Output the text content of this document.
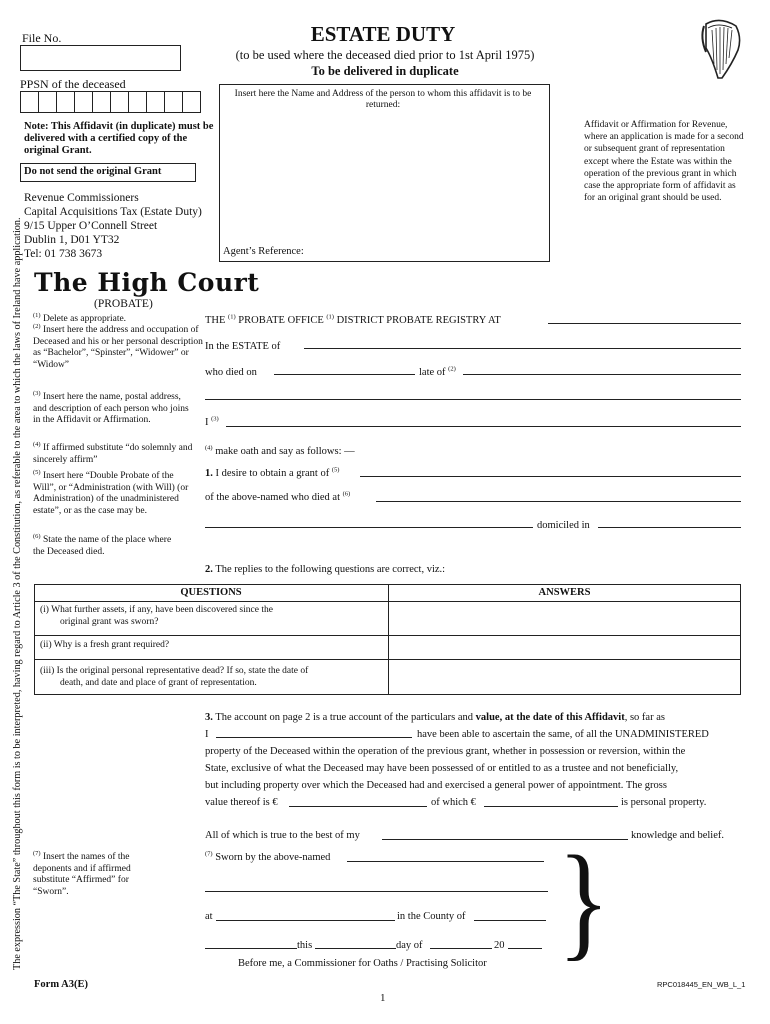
File No.
PPSN of the deceased
ESTATE DUTY
(to be used where the deceased died prior to 1st April 1975)
To be delivered in duplicate
Note: This Affidavit (in duplicate) must be delivered with a certified copy of the original Grant.
Do not send the original Grant
Insert here the Name and Address of the person to whom this affidavit is to be returned:
Agent’s Reference:
Affidavit or Affirmation for Revenue, where an application is made for a second or subsequent grant of representation except where the Estate was within the operation of the previous grant in which case the appropriate form of affidavit as for an original grant should be used.
Revenue Commissioners
Capital Acquisitions Tax (Estate Duty)
9/15 Upper O’Connell Street
Dublin 1, D01 YT32
Tel: 01 738 3673
The expression “The State” throughout this form is to be interpreted, having regard to Article 3 of the Constitution, as referable to the area to which the laws of Ireland have application. The High Court
(PROBATE)
$^{(1)}$ Delete as appropriate.
$^{(2)}$ Insert here the address and occupation of Deceased and his or her personal description as “Bachelor”, “Spinster”, “Widower” or “Widow”
$^{(3)}$ Insert here the name, postal address, and description of each person who joins in the Affidavit or Affirmation.
$^{(4)}$ If affirmed substitute “do solemnly and sincerely affirm”
$^{(5)}$ Insert here “Double Probate of the Will”, or “Administration (with Will) (or Administration) of the unadministered estate”, or as the case may be.
$^{(6)}$ State the name of the place where the Deceased died.
$^{(7)}$ Insert the names of the deponents and if affirmed substitute “Affirmed” for “Sworn”.
THE $^{(1)}$ PROBATE OFFICE $^{(1)}$ DISTRICT PROBATE REGISTRY AT
In the ESTATE of
who died on	late of $^{(2)}$
I $^{(3)}$
$^{(4)}$ make oath and say as follows: —
1. I desire to obtain a grant of $^{(5)}$
of the above-named who died at $^{(6)}$
domiciled in
2. The replies to the following questions are correct, viz.:
QUESTIONS	ANSWERS
(i) What further assets, if any, have been discovered since the
original grant was sworn?
(ii) Why is a fresh grant required?
(iii) Is the original personal representative dead? If so, state the date of
death, and date and place of grant of representation.
3. The account on page 2 is a true account of the particulars and value, at the date of this Affidavit, so far as
I	have been able to ascertain the same, of all the UNADMINISTERED
property of the Deceased within the operation of the previous grant, whether in possession or reversion, within the
State, exclusive of what the Deceased may have been possessed of or entitled to as a trustee and not beneficially,
but including property over which the Deceased had and exercised a general power of appointment. The gross
value thereof is €	of which €	is personal property.
All of which is true to the best of my	knowledge and belief.
$^{(7)}$ Sworn by the above-named
at	in the County of
this	day of	20
Before me, a Commissioner for Oaths / Practising Solicitor }
Form A3(E)	RPC018445_EN_WB_L_1
1
